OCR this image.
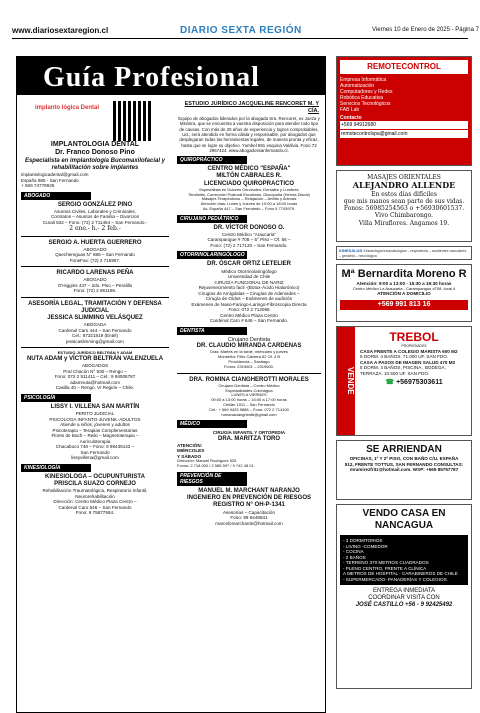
www.diariosextaregion.cl	DIARIO SEXTA REGIÓN	Viernes 10 de Enero de 2025 - Página 7
Guía Profesional
implanto lógica Dental
IMPLANTOLOGIA DENTAL
Dr. Franco Donoso Pino
Especialista en implantología Bucomaxilofacial y rehabilitación sobre implantes
implantologicadental@gmail.com
España 985 - San Fernando
+ 569 74778926
ABOGADO
SERGIO GONZÁLEZ PINO
Asuntos Civiles, Laborales y Criminales,
Contratos – Asuntos de Familia – Divorcios
Curali 532 – Fono: (72) 2 711464 – San Fernando.-
2 ene.- h.- 2 feb.-
SERGIO A. HUERTA GUERRERO
ABOGADO
Quechereguas N° 888 – San Fernando
FoneFax: (72) 2 715967.
RICARDO LARENAS PEÑA
ABOGADO
O'Higgins 437 – 2do. Piso – Peralillo
Fono: (72) 2 861168.
ASESORÍA LEGAL, TRAMITACIÓN Y DEFENSA JUDICIAL
JESSICA SLIMMING VELÁSQUEZ
ABOGADA
Cardenal Caro 444 – San Fernando
Cel.: 87321819 (Entel)
jessicaslimming@gmail.com
ESTUDIO JURÍDICO BELTRÁN Y ADAM
NUTA ADAM y VÍCTOR BELTRÁN VALENZUELA
ABOGADOS
Prat Chacón N° 930 – Rengo –
Fono: 072 2 511411 – Cel.: 9 94006787
adamnuta@hotmail.com
Casilla 40 – Rengo. VI Región – Chile.
PSICOLOGÍA
LISSY I. VILLENA SAN MARTÍN
PERITO JUDICIAL
PSICOLOGA INFANTO-JUVENIL-ADULTOS
Atiende a niños, jóvenes y adultos
Psicoterapia – Terapias Complementarias
Flores de Bach – Reiki – Magnetoterapia –
Auriculoterapia
Chacabuco 748 – Fono: 9 98439143 –
San Fernando
lissyvillena@gmail.com
KINESIOLOGÍA
KINESIOLOGA – OCUPUNTURISTA
PRISCILA SUAZO CORNEJO
Rehabilitación Traumatológica, Respiratorio Infantil,
Neurorehabilitación
Dirección: Centro Médico Plaza Centro –
Cardenal Caro 646 – San Fernando
Fono: 9 75877584.
ESTUDIO JURÍDICO JACQUELINE RENCORET M. Y CÍA.
Equipo de abogados liderados por la abogada Sra. Rencoret, ex Jueza y Ministra, que se encuentra a vuestra disposición para atender todo tipo de causas. Con más de 25 años de experiencia y logros comprobables, Ud., será atendido en forma cálida y responsable, por abogados que desplegaran todas las herramientas legales, de manera pronta y eficaz, hasta que se logre su objetivo. Yumbel 591 esquina Valdivia. Fono 72 2967424. www.abogadossanfernando.cl.
QUIROPRÁCTICO
CENTRO MÉDICO "ESPAÑA"
MILTÓN CABRALES R.
LICENCIADO QUIROPRACTICO
Especialista en Dolores Cervicales, Dorsales y Lumbres
Tendinitis, Corrección Postural Escoliosis, Discopatía (Hernia Discal)
Masajes Terapéuticos – Relajación – Artritis y Artrosis
Atención días: Lunes y Jueves de 10:00 a 18:00 horas
Av. España 447 – San Fernando – Fono 9 7743979.
CIRUJANO PEDIÁTRICO
DR. VÍCTOR DONOSO O.
Centro Médico "Araucaria"
Carampangue # 708 – 5° Piso – Of. 56 –
Fono: (72) 2 717120 – San Fernando.
OTORRINOLARINGÓLOGO
DR. ÓSCAR ORTIZ LETELIER
Médico Otorrinolaringólogo
Universidad de Chile
CIRUGÍA FUNCIONAL DE NARIZ
Rejuvenecimiento facil -(Botox-Ácido Hialurónico)
Cirugías de Amígdalas – Cirugías de Adenoides –
Cirugía de Oídos – Exámenes de audición
Exámenes de Naso-Faringo-Laringo-Fibroscopia Directa
Fono: 072 2 712086
Centro Médico Plaza Centro
Cardenal Caro # 646 – San Fernando.
DENTISTA
Cirujano Dentista
DR. CLAUDIO MIRANDA CARDENAS
Días: Martes en la tarde, miércoles y jueves
Monseñor Félix Cabrera 62 Of. 3 B
Providencia – Santiago
Fonos: 2319601 – 2319600.
DRA. ROMINA CIANGHEROTTI MORALES
Cirujano Dentista – Centro Médico
Especialidades Colchagua
LUNES A VIERNES
09:00 a 13:00 horas – 15:00 a 17:00 horas
Chillán 1011 – San Fernando
Cel.: + 569 9433 9888 – Fono: 072 2 714100
romanacianghirotti@gmail.com
MÉDICO
CIRUGÍA INFANTIL Y ORTOPEDIA
DRA. MARITZA TORO
ATENCIÓN:
MIÉRCOLES
Y SÁBADO
Dirección: Manuel Rodríguez 525
Fonos: 2 718 000 / 2 585 597 / 9 742 48 01.
PREVENCIÓN DE RIESGOS
MANUEL M. MARCHANT NARANJO
INGENIERO EN PREVENCIÓN DE RIESGOS
REGISTRO N° OH-P-1341
Asesorías – Capacitación
Fono: 99 6448841
marcelomarchantn@hotmail.com
REMOTECONTROL
Empresa Informática
Automatización
Computadores y Redes
Robótica Educativa
Servicios Tecnológicos
FAB Lab
Contacto
+569 94912680
remotecontrolspa@gmail.com
MASAJES ORIENTALES
ALEJANDRO ALLENDE
En estos días difíciles
que mis manos sean parte de sus vidas.
Fonos: 56985254563 o +56930601537.
Vivo Chimbarongo.
Villa Miraflores. Angamos 19.
KINESALUD Kinesiología traumatológica – respiratoria – accidentes vasculares – geriatría – neurológica
Mª Bernardita Moreno R
Atención: 9:00 a 13:00 - 15:30 a 19:30 horas
Centro Médico La Araucaria - Carampangue #708, local 4
ATENCIÓN A DOMICILIO
+569 991 813 16
VENDE
TREBOL
PROPIEDADES
CASA FRENTE A COLEGIO MARISTA 600 M2
5 DORM. 4 BAÑOS, 71.000 UF. SAN FDO.
CASA A PASOS DE IMAGEN SALUD 470 M2
5 DORM. 4 BAÑOS, PISCINA , BODEGA,
TERRAZA. 10.500 UF. SAN FDO.
☎ +56975303611
SE ARRIENDAN
OFICINAS, 1º Y 2º PISO, CON BAÑO C/U, ESPAÑA
512, FRENTE TOTTUS, SAN FERNANDO CONSULTAS:
mramirezfritz@hotmail.com. WSP: +569 85757787
VENDO CASA EN NANCAGUA
- 3 DORMITORIOS
- LIVING -COMEDOR
- COCINA
- 2 BAÑOS
- TERRENO 370 METROS CUADRADOS
- PLENO CENTRO, FRENTE A CLÍNICA
A METROS DE HOSPITAL - CARABINEROS DE CHILE
- SUPERMERCADO- PANADERÍAS Y COLEGIOS.
ENTREGA INMEDIATA
COORDINAR VISITA CON
JOSÉ CASTILLO +56 - 9 92425492
